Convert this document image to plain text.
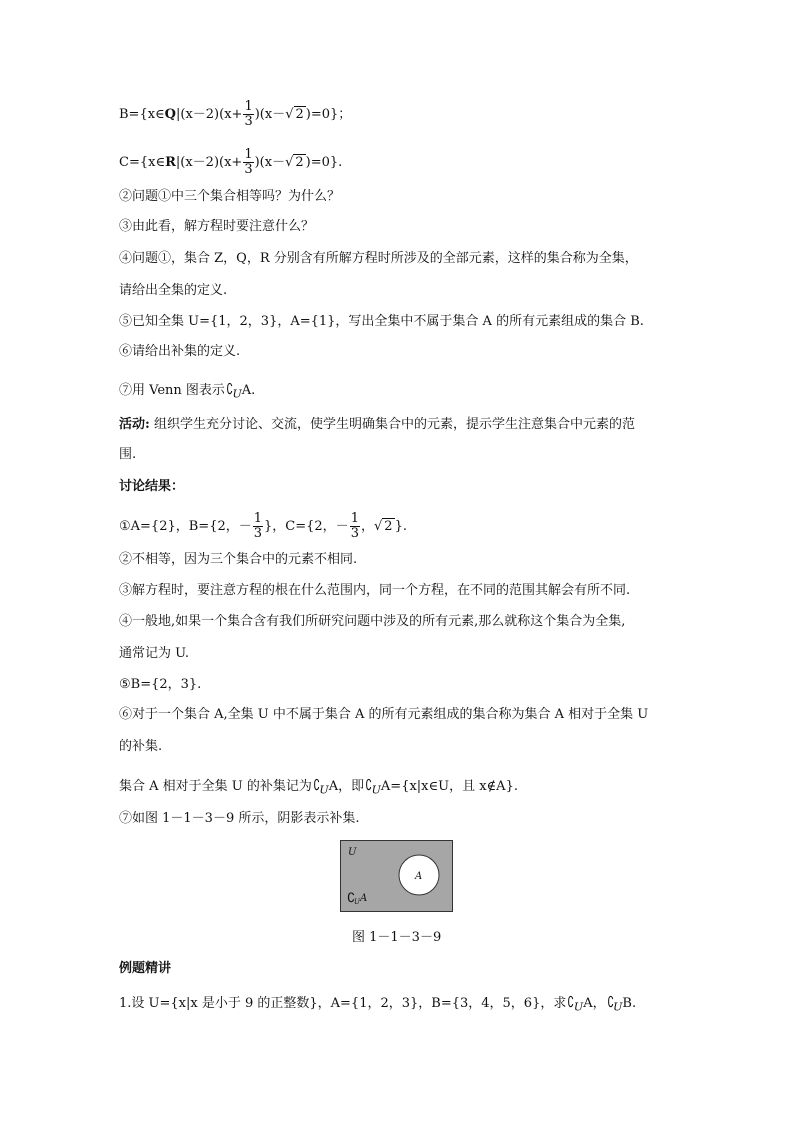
B={x∈Q|(x－2)(x+ $\frac{1}{3} )(x-√$ 2 )=0}；
C={x∈R|(x－2)(x+ $\frac{1}{3} )(x-√$ 2 )=0}.
②问题①中三个集合相等吗？为什么？
③由此看，解方程时要注意什么？
④问题①，集合 Z，Q，R 分别含有所解方程时所涉及的全部元素，这样的集合称为全集，
请给出全集的定义.
⑤已知全集 U={1，2，3}，A={1}，写出全集中不属于集合 A 的所有元素组成的集合 B.
⑥请给出补集的定义.
⑦用 Venn 图表示$∁_UA$.
活动: 组织学生充分讨论、交流，使学生明确集合中的元素，提示学生注意集合中元素的范
围.
讨论结果：
①A={2}，B={2，－ $\frac{1}{3}$ }，C={2，－ $\frac{1}{3}$ ，√ 2 }.
②不相等，因为三个集合中的元素不相同.
③解方程时，要注意方程的根在什么范围内，同一个方程，在不同的范围其解会有所不同.
④一般地,如果一个集合含有我们所研究问题中涉及的所有元素,那么就称这个集合为全集,
通常记为 U.
⑤B={2，3}.
⑥对于一个集合 A,全集 U 中不属于集合 A 的所有元素组成的集合称为集合 A 相对于全集 U
的补集.
集合 A 相对于全集 U 的补集记为$∁_UA$，即$∁_UA=\{x|x\in U$，且 x∉A}.
⑦如图 1－1－3－9 所示，阴影表示补集.
U
A
∁
U A
图 1－1－3－9
例题精讲
1.设 U={x|x 是小于 9 的正整数}，A={1，2，3}，B={3，4，5，6}，求$∁_UA$，$∁_UB$.
